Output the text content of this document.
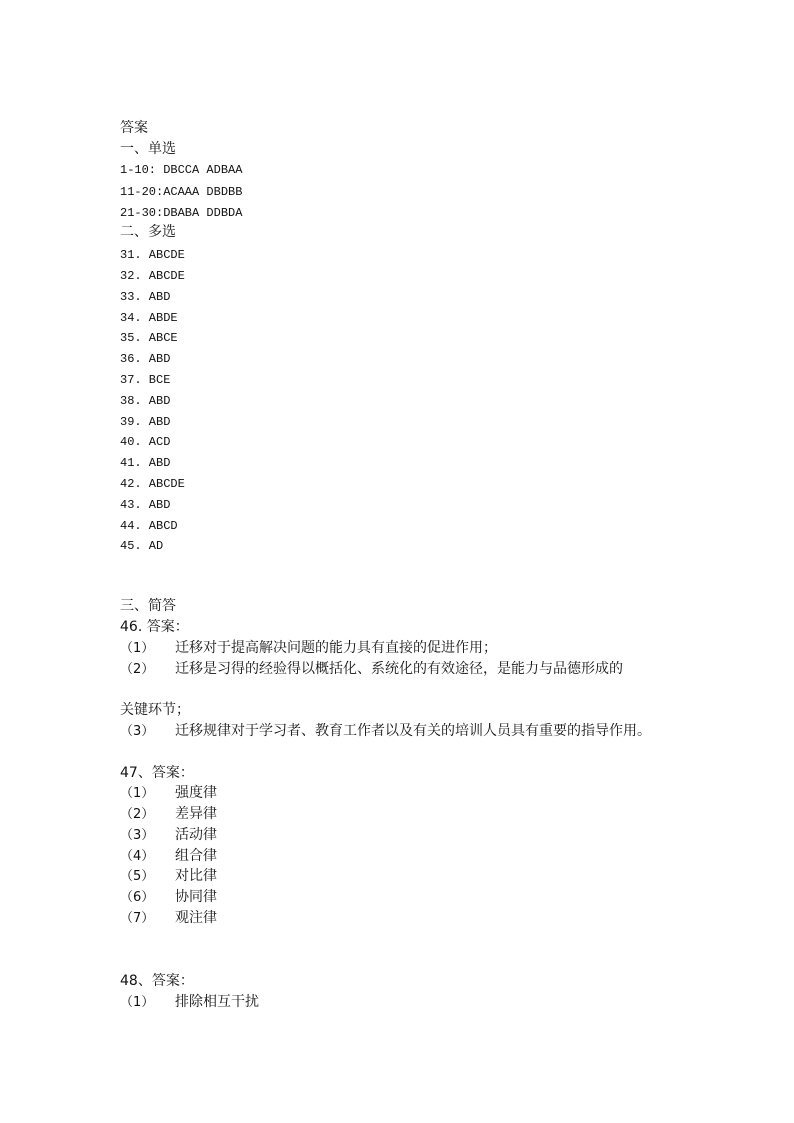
答案
一、单选
1-10: DBCCA ADBAA
11-20:ACAAA DBDBB
21-30:DBABA DDBDA
二、多选
31. ABCDE
32. ABCDE
33. ABD
34. ABDE
35. ABCE
36. ABD
37. BCE
38. ABD
39. ABD
40. ACD
41. ABD
42. ABCDE
43. ABD
44. ABCD
45. AD
三、简答
46. 答案：
（1） 迁移对于提高解决问题的能力具有直接的促进作用；
（2） 迁移是习得的经验得以概括化、系统化的有效途径，是能力与品德形成的
关键环节；
（3） 迁移规律对于学习者、教育工作者以及有关的培训人员具有重要的指导作用。
47、答案：
（1） 强度律
（2） 差异律
（3） 活动律
（4） 组合律
（5） 对比律
（6） 协同律
（7） 观注律
48、答案：
（1） 排除相互干扰
